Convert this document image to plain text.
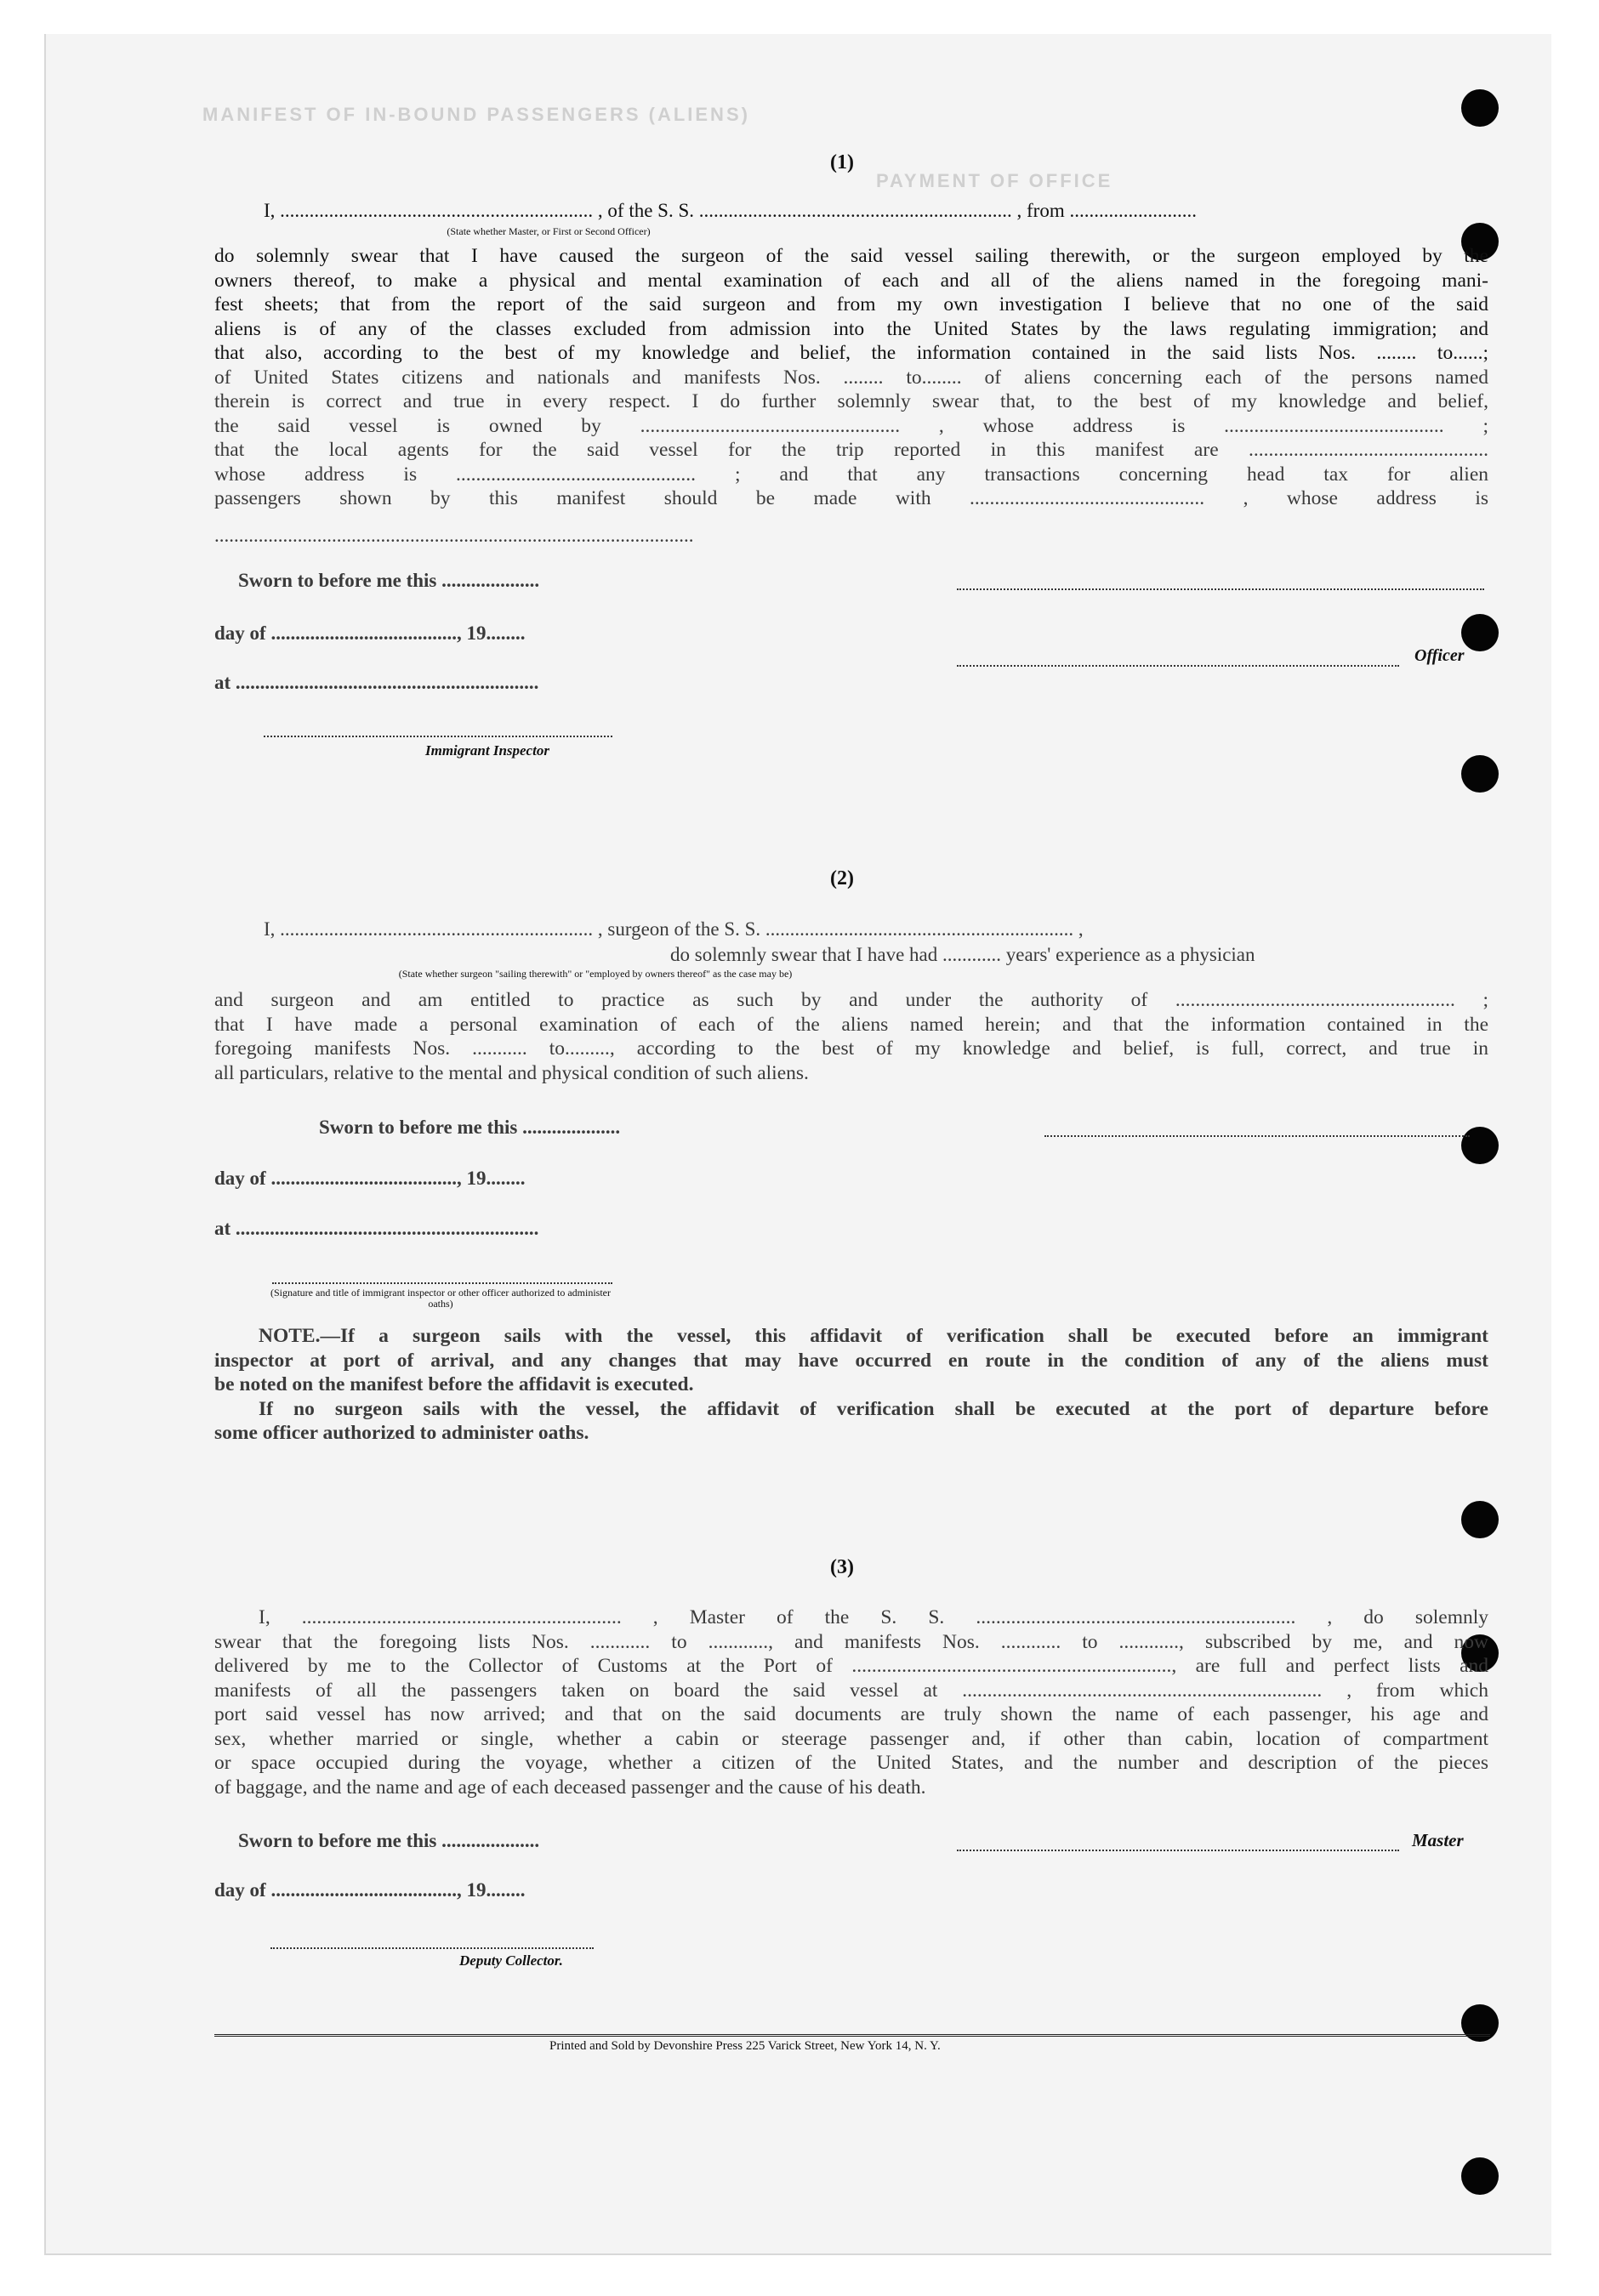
MANIFEST OF IN-BOUND PASSENGERS (ALIENS)
PAYMENT OF OFFICE
(1)
I, ................................................................ , of the S. S. ................................................................ , from ..........................
(State whether Master, or First or Second Officer)
do solemnly swear that I have caused the surgeon of the said vessel sailing therewith, or the surgeon employed by the
owners thereof, to make a physical and mental examination of each and all of the aliens named in the foregoing mani-
fest sheets; that from the report of the said surgeon and from my own investigation I believe that no one of the said
aliens is of any of the classes excluded from admission into the United States by the laws regulating immigration; and
that also, according to the best of my knowledge and belief, the information contained in the said lists Nos. ........ to......;
of United States citizens and nationals and manifests Nos. ........ to........ of aliens concerning each of the persons named
therein is correct and true in every respect. I do further solemnly swear that, to the best of my knowledge and belief,
the said vessel is owned by .................................................... , whose address is ............................................ ;
that the local agents for the said vessel for the trip reported in this manifest are ................................................
whose address is ................................................ ; and that any transactions concerning head tax for alien
passengers shown by this manifest should be made with ............................................... , whose address is
..................................................................................................
Sworn to before me this ....................
day of ......................................, 19........
at ..............................................................
Officer
Immigrant Inspector
(2)
I, ................................................................ , surgeon of the S. S. ............................................................... ,
do solemnly swear that I have had ............ years' experience as a physician
(State whether surgeon "sailing therewith" or "employed by owners thereof" as the case may be)
and surgeon and am entitled to practice as such by and under the authority of ........................................................ ;
that I have made a personal examination of each of the aliens named herein; and that the information contained in the
foregoing manifests Nos. ........... to........., according to the best of my knowledge and belief, is full, correct, and true in
all particulars, relative to the mental and physical condition of such aliens.
Sworn to before me this ....................
day of ......................................, 19........
at ..............................................................
(Signature and title of immigrant inspector or other officer authorized to administer oaths)
NOTE.—If a surgeon sails with the vessel, this affidavit of verification shall be executed before an immigrant
inspector at port of arrival, and any changes that may have occurred en route in the condition of any of the aliens must
be noted on the manifest before the affidavit is executed.
If no surgeon sails with the vessel, the affidavit of verification shall be executed at the port of departure before
some officer authorized to administer oaths.
(3)
I, ................................................................ , Master of the S. S. ................................................................ , do solemnly
swear that the foregoing lists Nos. ............ to ............, and manifests Nos. ............ to ............, subscribed by me, and now
delivered by me to the Collector of Customs at the Port of ................................................................, are full and perfect lists and
manifests of all the passengers taken on board the said vessel at ........................................................................ , from which
port said vessel has now arrived; and that on the said documents are truly shown the name of each passenger, his age and
sex, whether married or single, whether a cabin or steerage passenger and, if other than cabin, location of compartment
or space occupied during the voyage, whether a citizen of the United States, and the number and description of the pieces
of baggage, and the name and age of each deceased passenger and the cause of his death.
Sworn to before me this ....................
day of ......................................, 19........
Master
Deputy Collector.
Printed and Sold by Devonshire Press 225 Varick Street, New York 14, N. Y.
